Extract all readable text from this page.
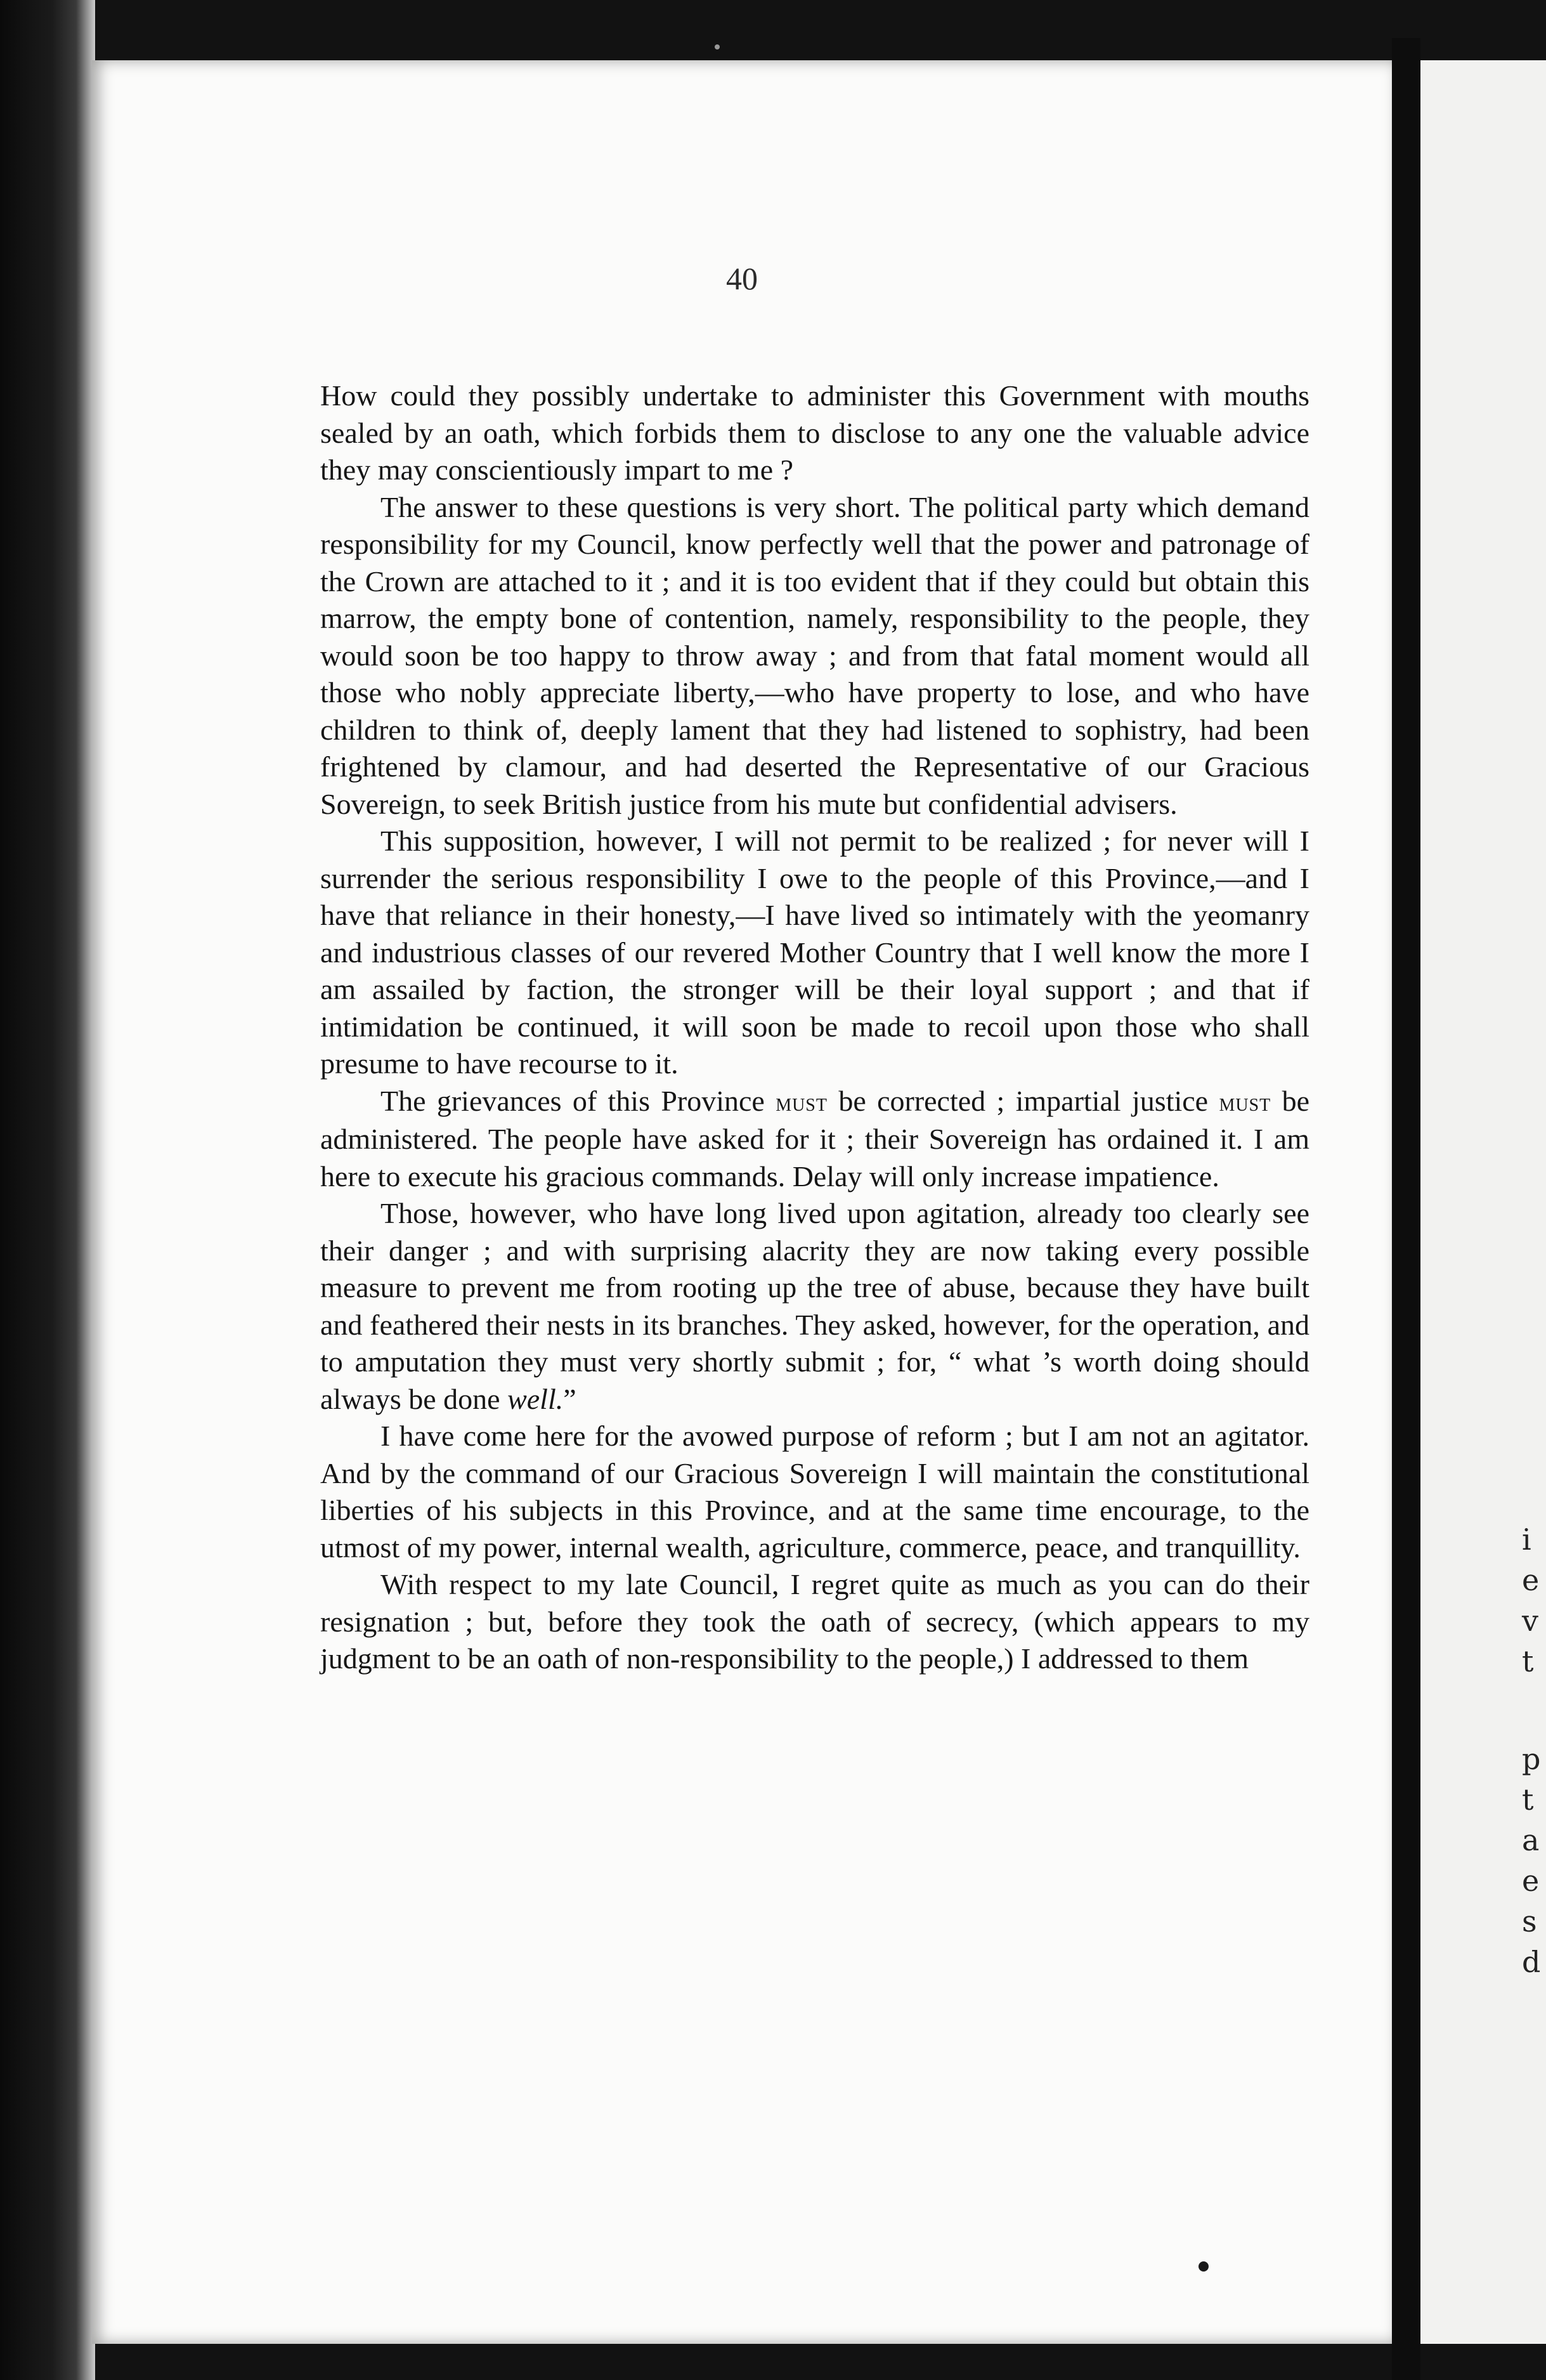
40

How could they possibly undertake to administer this Government with mouths sealed by an oath, which forbids them to disclose to any one the valuable advice they may conscientiously impart to me ?

The answer to these questions is very short. The political party which demand responsibility for my Council, know perfectly well that the power and patronage of the Crown are attached to it ; and it is too evident that if they could but obtain this marrow, the empty bone of contention, namely, responsibility to the people, they would soon be too happy to throw away ; and from that fatal moment would all those who nobly appreciate liberty,—who have property to lose, and who have children to think of, deeply lament that they had listened to sophistry, had been frightened by clamour, and had deserted the Representative of our Gracious Sovereign, to seek British justice from his mute but confidential advisers.

This supposition, however, I will not permit to be realized ; for never will I surrender the serious responsibility I owe to the people of this Province,—and I have that reliance in their honesty,—I have lived so intimately with the yeomanry and industrious classes of our revered Mother Country that I well know the more I am assailed by faction, the stronger will be their loyal support ; and that if intimidation be continued, it will soon be made to recoil upon those who shall presume to have recourse to it.

The grievances of this Province must be corrected ; impartial justice must be administered. The people have asked for it ; their Sovereign has ordained it. I am here to execute his gracious commands. Delay will only increase impatience.

Those, however, who have long lived upon agitation, already too clearly see their danger ; and with surprising alacrity they are now taking every possible measure to prevent me from rooting up the tree of abuse, because they have built and feathered their nests in its branches. They asked, however, for the operation, and to amputation they must very shortly submit ; for, “ what ’s worth doing should always be done well.”

I have come here for the avowed purpose of reform ; but I am not an agitator. And by the command of our Gracious Sovereign I will maintain the constitutional liberties of his subjects in this Province, and at the same time encourage, to the utmost of my power, internal wealth, agriculture, commerce, peace, and tranquillity.

With respect to my late Council, I regret quite as much as you can do their resignation ; but, before they took the oath of secrecy, (which appears to my judgment to be an oath of non-responsibility to the people,) I addressed to them

i
e
v
t
p
t
a
e
s
d
